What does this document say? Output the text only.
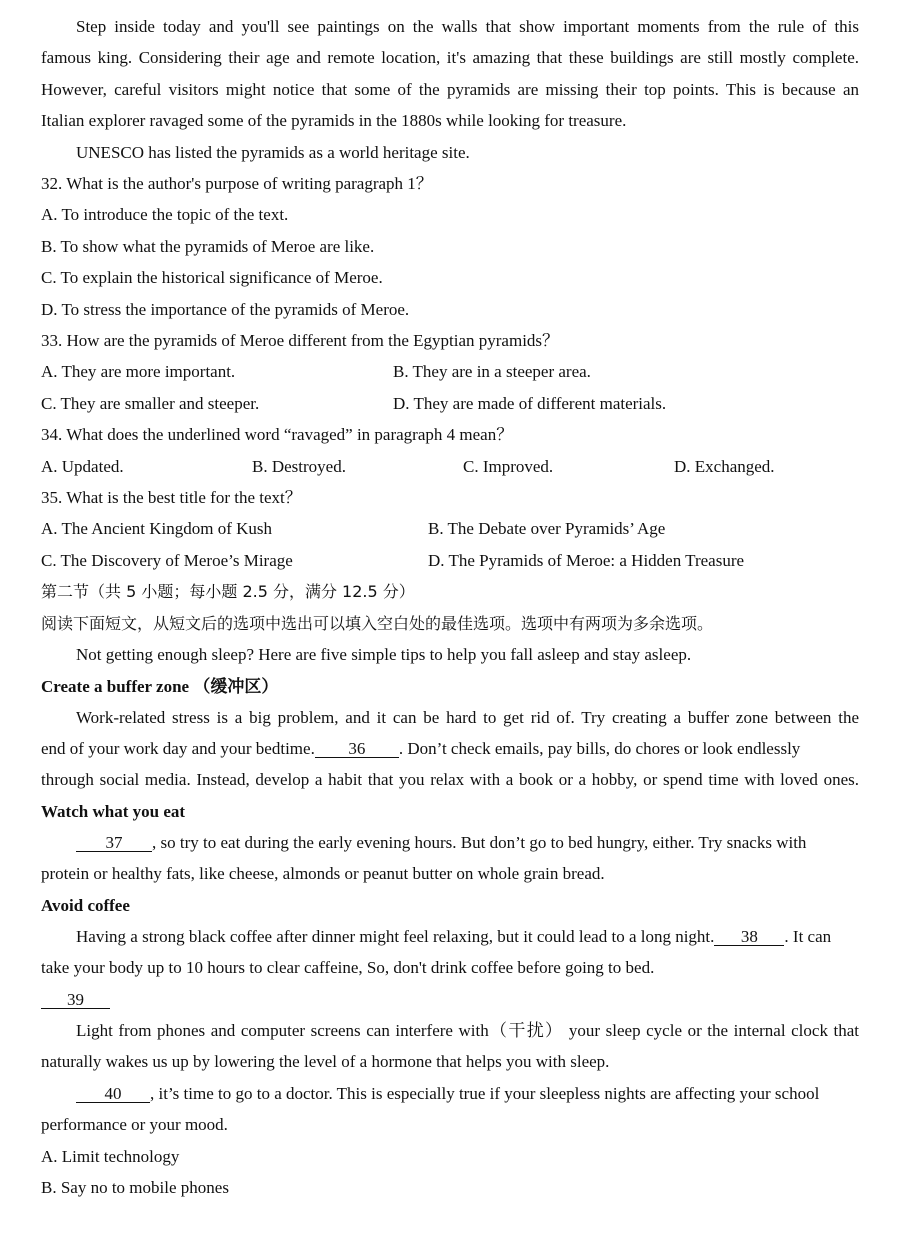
Step inside today and you'll see paintings on the walls that show important moments from the rule of this
famous king. Considering their age and remote location, it's amazing that these buildings are still mostly complete.
However, careful visitors might notice that some of the pyramids are missing their top points. This is because an
Italian explorer ravaged some of the pyramids in the 1880s while looking for treasure.
UNESCO has listed the pyramids as a world heritage site.
32. What is the author's purpose of writing paragraph 1？
A. To introduce the topic of the text.
B. To show what the pyramids of Meroe are like.
C. To explain the historical significance of Meroe.
D. To stress the importance of the pyramids of Meroe.
33. How are the pyramids of Meroe different from the Egyptian pyramids？
A. They are more important.	B. They are in a steeper area.
C. They are smaller and steeper.	D. They are made of different materials.
34. What does the underlined word “ravaged” in paragraph 4 mean？
A. Updated.	B. Destroyed.	C. Improved.	D. Exchanged.
35. What is the best title for the text？
A. The Ancient Kingdom of Kush	B. The Debate over Pyramids’ Age
C. The Discovery of Meroe’s Mirage	D. The Pyramids of Meroe: a Hidden Treasure
第二节（共 5 小题；每小题 2.5 分，满分 12.5 分）
阅读下面短文，从短文后的选项中选出可以填入空白处的最佳选项。选项中有两项为多余选项。
Not getting enough sleep? Here are five simple tips to help you fall asleep and stay asleep.
Create a buffer zone （缓冲区）
Work-related stress is a big problem, and it can be hard to get rid of. Try creating a buffer zone between the
end of your work day and your bedtime. 36 . Don’t check emails, pay bills, do chores or look endlessly
through social media. Instead, develop a habit that you relax with a book or a hobby, or spend time with loved ones.
Watch what you eat
37 , so try to eat during the early evening hours. But don’t go to bed hungry, either. Try snacks with
protein or healthy fats, like cheese, almonds or peanut butter on whole grain bread.
Avoid coffee
Having a strong black coffee after dinner might feel relaxing, but it could lead to a long night. 38 . It can
take your body up to 10 hours to clear caffeine, So, don't drink coffee before going to bed.
39
Light from phones and computer screens can interfere with（干扰） your sleep cycle or the internal clock that
naturally wakes us up by lowering the level of a hormone that helps you with sleep.
40 , it’s time to go to a doctor. This is especially true if your sleepless nights are affecting your school
performance or your mood.
A. Limit technology
B. Say no to mobile phones
